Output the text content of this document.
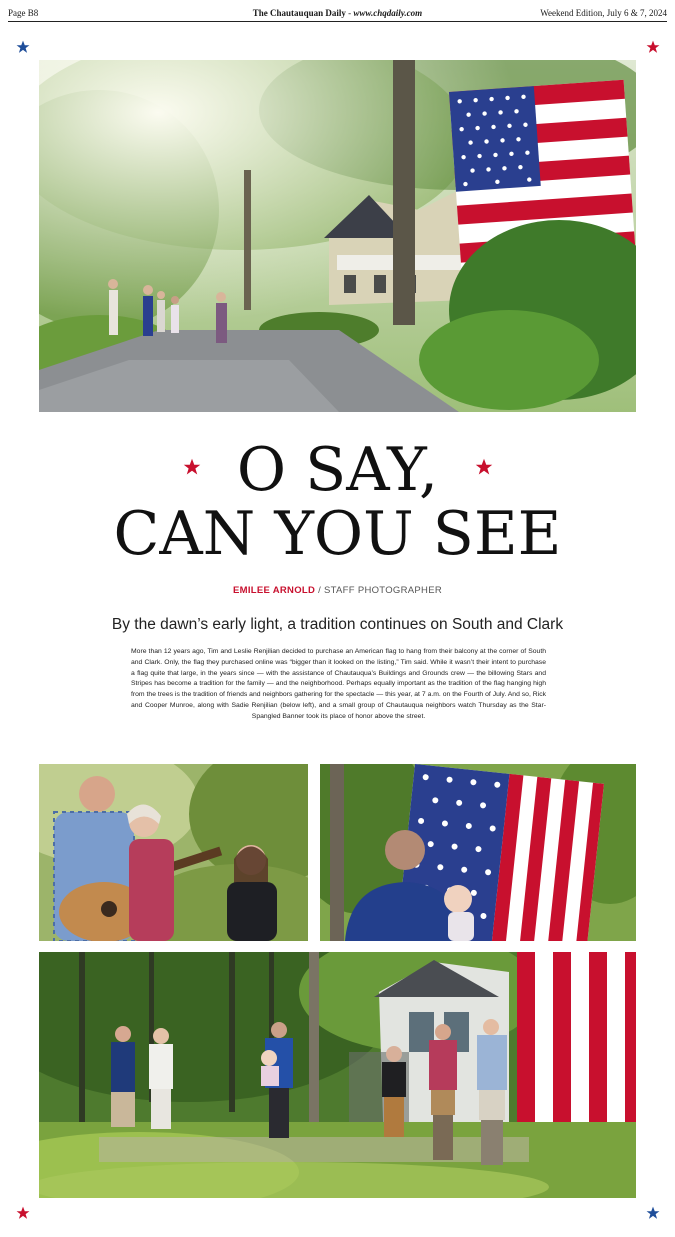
Page B8	The Chautauquan Daily - www.chqdaily.com	Weekend Edition, July 6 & 7, 2024
O SAY,
CAN YOU SEE
EMILEE ARNOLD / STAFF PHOTOGRAPHER
By the dawn’s early light, a tradition continues on South and Clark
More than 12 years ago, Tim and Leslie Renjilian decided to purchase an American flag to hang from their balcony at the corner of South and Clark. Only, the flag they purchased online was “bigger than it looked on the listing,” Tim said. While it wasn’t their intent to purchase a flag quite that large, in the years since — with the assistance of Chautauqua’s Buildings and Grounds crew — the billowing Stars and Stripes has become a tradition for the family — and the neighborhood. Perhaps equally important as the tradition of the flag hanging high from the trees is the tradition of friends and neighbors gathering for the spectacle — this year, at 7 a.m. on the Fourth of July. And so, Rick and Cooper Munroe, along with Sadie Renjilian (below left), and a small group of Chautauqua neighbors watch Thursday as the Star-Spangled Banner took its place of honor above the street.
